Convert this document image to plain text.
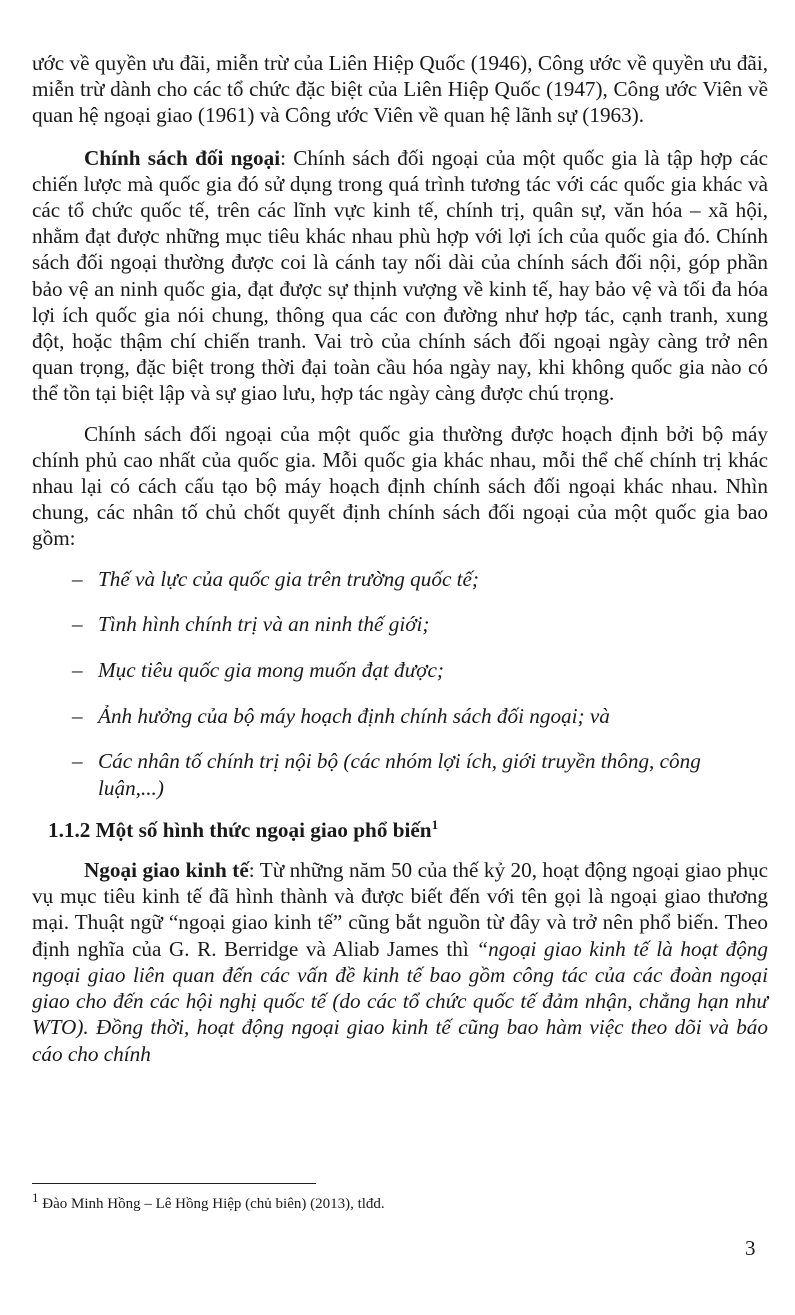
ước về quyền ưu đãi, miễn trừ của Liên Hiệp Quốc (1946), Công ước về quyền ưu đãi, miễn trừ dành cho các tổ chức đặc biệt của Liên Hiệp Quốc (1947), Công ước Viên về quan hệ ngoại giao (1961) và Công ước Viên về quan hệ lãnh sự (1963).

Chính sách đối ngoại: Chính sách đối ngoại của một quốc gia là tập hợp các chiến lược mà quốc gia đó sử dụng trong quá trình tương tác với các quốc gia khác và các tổ chức quốc tế, trên các lĩnh vực kinh tế, chính trị, quân sự, văn hóa – xã hội, nhằm đạt được những mục tiêu khác nhau phù hợp với lợi ích của quốc gia đó. Chính sách đối ngoại thường được coi là cánh tay nối dài của chính sách đối nội, góp phần bảo vệ an ninh quốc gia, đạt được sự thịnh vượng về kinh tế, hay bảo vệ và tối đa hóa lợi ích quốc gia nói chung, thông qua các con đường như hợp tác, cạnh tranh, xung đột, hoặc thậm chí chiến tranh. Vai trò của chính sách đối ngoại ngày càng trở nên quan trọng, đặc biệt trong thời đại toàn cầu hóa ngày nay, khi không quốc gia nào có thể tồn tại biệt lập và sự giao lưu, hợp tác ngày càng được chú trọng.

Chính sách đối ngoại của một quốc gia thường được hoạch định bởi bộ máy chính phủ cao nhất của quốc gia. Mỗi quốc gia khác nhau, mỗi thể chế chính trị khác nhau lại có cách cấu tạo bộ máy hoạch định chính sách đối ngoại khác nhau. Nhìn chung, các nhân tố chủ chốt quyết định chính sách đối ngoại của một quốc gia bao gồm:

– Thế và lực của quốc gia trên trường quốc tế;
– Tình hình chính trị và an ninh thế giới;
– Mục tiêu quốc gia mong muốn đạt được;
– Ảnh hưởng của bộ máy hoạch định chính sách đối ngoại; và
– Các nhân tố chính trị nội bộ (các nhóm lợi ích, giới truyền thông, công luận,...)
1.1.2 Một số hình thức ngoại giao phổ biến$^1$

Ngoại giao kinh tế: Từ những năm 50 của thế kỷ 20, hoạt động ngoại giao phục vụ mục tiêu kinh tế đã hình thành và được biết đến với tên gọi là ngoại giao thương mại. Thuật ngữ “ngoại giao kinh tế” cũng bắt nguồn từ đây và trở nên phổ biến. Theo định nghĩa của G. R. Berridge và Aliab James thì “ngoại giao kinh tế là hoạt động ngoại giao liên quan đến các vấn đề kinh tế bao gồm công tác của các đoàn ngoại giao cho đến các hội nghị quốc tế (do các tổ chức quốc tế đảm nhận, chẳng hạn như WTO). Đồng thời, hoạt động ngoại giao kinh tế cũng bao hàm việc theo dõi và báo cáo cho chính

$^1$ Đào Minh Hồng – Lê Hồng Hiệp (chủ biên) (2013), tlđd.
3
